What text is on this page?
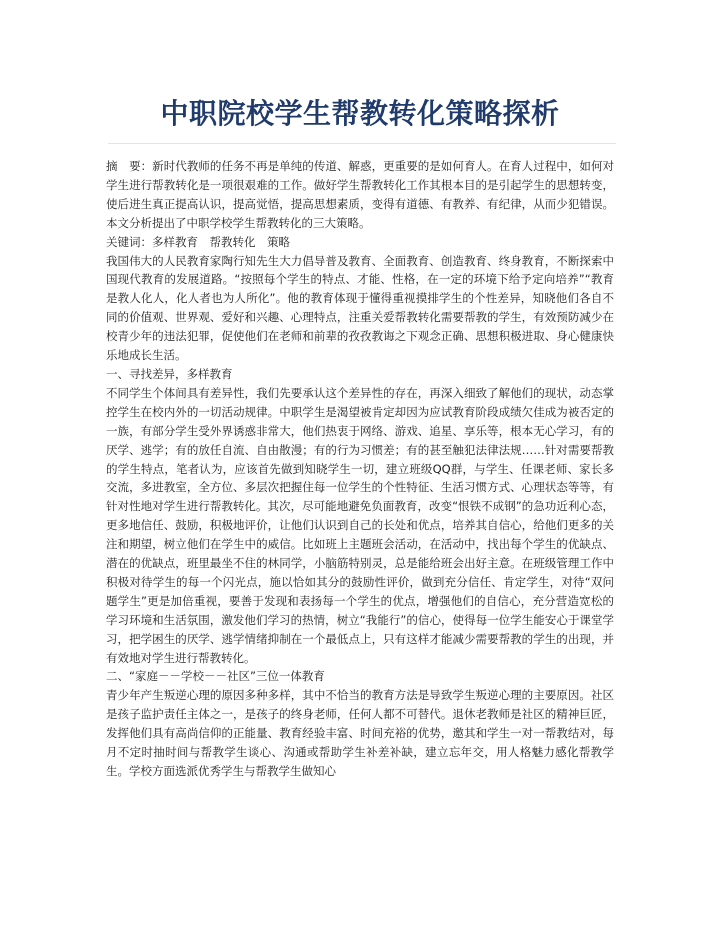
中职院校学生帮教转化策略探析

摘　要：新时代教师的任务不再是单纯的传道、解惑，更重要的是如何育人。在育人过程中，如何对学生进行帮教转化是一项很艰难的工作。做好学生帮教转化工作其根本目的是引起学生的思想转变，使后进生真正提高认识，提高觉悟，提高思想素质，变得有道德、有教养、有纪律，从而少犯错误。本文分析提出了中职学校学生帮教转化的三大策略。

关键词：多样教育　帮教转化　策略

我国伟大的人民教育家陶行知先生大力倡导普及教育、全面教育、创造教育、终身教育，不断探索中国现代教育的发展道路。“按照每个学生的特点、才能、性格，在一定的环境下给予定向培养”“教育是教人化人，化人者也为人所化”。他的教育体现于懂得重视摸排学生的个性差异，知晓他们各自不同的价值观、世界观、爱好和兴趣、心理特点，注重关爱帮教转化需要帮教的学生，有效预防减少在校青少年的违法犯罪，促使他们在老师和前辈的孜孜教诲之下观念正确、思想积极进取、身心健康快乐地成长生活。

一、寻找差异，多样教育

不同学生个体间具有差异性，我们先要承认这个差异性的存在，再深入细致了解他们的现状，动态掌控学生在校内外的一切活动规律。中职学生是渴望被肯定却因为应试教育阶段成绩欠佳成为被否定的一族，有部分学生受外界诱惑非常大，他们热衷于网络、游戏、追星、享乐等，根本无心学习，有的厌学、逃学；有的放任自流、自由散漫；有的行为习惯差；有的甚至触犯法律法规……针对需要帮教的学生特点，笔者认为，应该首先做到知晓学生一切，建立班级QQ群，与学生、任课老师、家长多交流，多进教室，全方位、多层次把握住每一位学生的个性特征、生活习惯方式、心理状态等等，有针对性地对学生进行帮教转化。其次，尽可能地避免负面教育，改变“恨铁不成钢”的急功近利心态，更多地信任、鼓励，积极地评价，让他们认识到自己的长处和优点，培养其自信心，给他们更多的关注和期望，树立他们在学生中的威信。比如班上主题班会活动，在活动中，找出每个学生的优缺点、潜在的优缺点，班里最坐不住的林同学，小脑筋特别灵，总是能给班会出好主意。在班级管理工作中积极对待学生的每一个闪光点，施以恰如其分的鼓励性评价，做到充分信任、肯定学生，对待“双问题学生”更是加倍重视，要善于发现和表扬每一个学生的优点，增强他们的自信心，充分营造宽松的学习环境和生活氛围，激发他们学习的热情，树立“我能行”的信心，使得每一位学生能安心于课堂学习，把学困生的厌学、逃学情绪抑制在一个最低点上，只有这样才能减少需要帮教的学生的出现，并有效地对学生进行帮教转化。

二、“家庭－－学校－－社区”三位一体教育

青少年产生叛逆心理的原因多种多样，其中不恰当的教育方法是导致学生叛逆心理的主要原因。社区是孩子监护责任主体之一，是孩子的终身老师，任何人都不可替代。退休老教师是社区的精神巨匠，发挥他们具有高尚信仰的正能量、教育经验丰富、时间充裕的优势，邀其和学生一对一帮教结对，每月不定时抽时间与帮教学生谈心、沟通或帮助学生补差补缺，建立忘年交，用人格魅力感化帮教学生。学校方面选派优秀学生与帮教学生做知心
